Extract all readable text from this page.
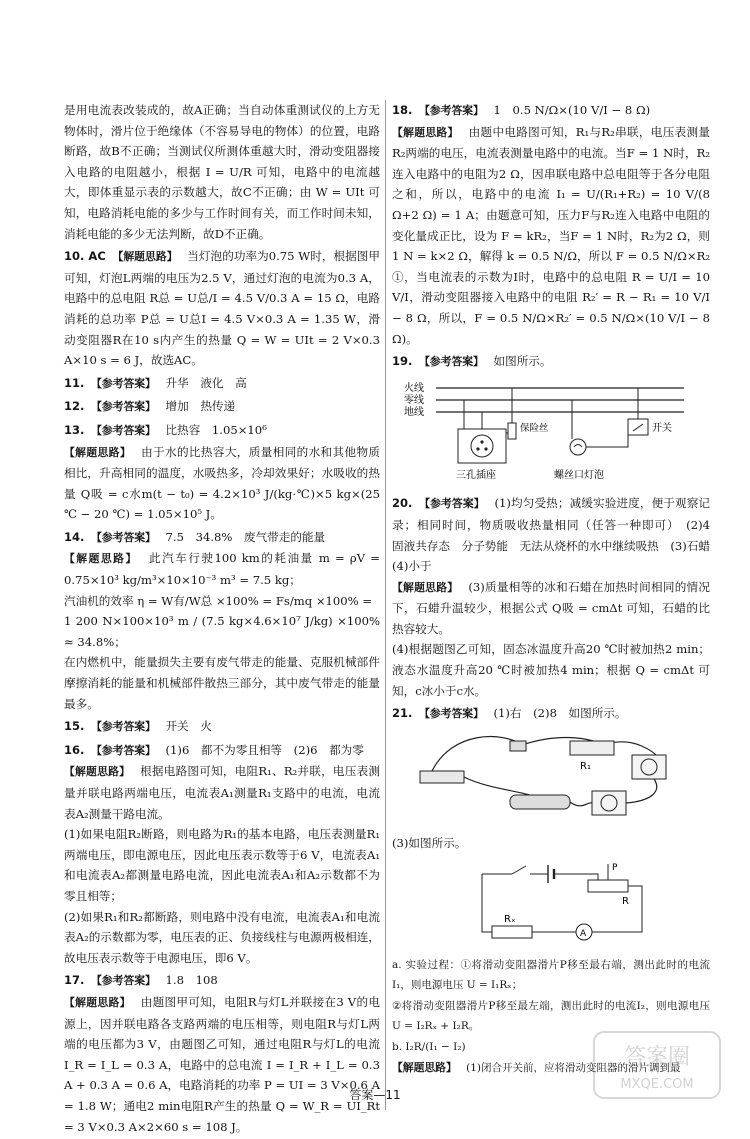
是用电流表改装成的，故A正确；当自动体重测试仪的上方无物体时，滑片位于绝缘体（不容易导电的物体）的位置，电路断路，故B不正确；当测试仪所测体重越大时，滑动变阻器接入电路的电阻越小，根据 I = U/R 可知，电路中的电流越大，即体重显示表的示数越大，故C不正确；由 W = UIt 可知，电路消耗电能的多少与工作时间有关，而工作时间未知，消耗电能的多少无法判断，故D不正确。

10. AC 【解题思路】 当灯泡的功率为0.75 W时，根据图甲可知，灯泡L两端的电压为2.5 V，通过灯泡的电流为0.3 A，电路中的总电阻 R总 = U总/I = 4.5 V/0.3 A = 15 Ω，电路消耗的总功率 P总 = U总I = 4.5 V×0.3 A = 1.35 W，滑动变阻器R在10 s内产生的热量 Q = W = UIt = 2 V×0.3 A×10 s = 6 J，故选AC。

11. 【参考答案】 升华　液化　高

12. 【参考答案】 增加　热传递

13. 【参考答案】 比热容　1.05×10⁶
【解题思路】 由于水的比热容大，质量相同的水和其他物质相比，升高相同的温度，水吸热多，冷却效果好；水吸收的热量 Q吸 = c水m(t − t₀) = 4.2×10³ J/(kg·℃)×5 kg×(25 ℃ − 20 ℃) = 1.05×10⁵ J。

14. 【参考答案】 7.5　34.8%　废气带走的能量
【解题思路】 此汽车行驶100 km的耗油量 m = ρV = 0.75×10³ kg/m³×10×10⁻³ m³ = 7.5 kg；
汽油机的效率 η = W有/W总 ×100% = Fs/mq ×100% =
1 200 N×100×10³ m / (7.5 kg×4.6×10⁷ J/kg) ×100% ≈ 34.8%；
在内燃机中，能量损失主要有废气带走的能量、克服机械部件摩擦消耗的能量和机械部件散热三部分，其中废气带走的能量最多。

15. 【参考答案】 开关　火

16. 【参考答案】 (1)6　都不为零且相等　(2)6　都为零
【解题思路】 根据电路图可知，电阻R₁、R₂并联，电压表测量并联电路两端电压，电流表A₁测量R₁支路中的电流，电流表A₂测量干路电流。
(1)如果电阻R₂断路，则电路为R₁的基本电路，电压表测量R₁两端电压，即电源电压，因此电压表示数等于6 V，电流表A₁和电流表A₂都测量电路电流，因此电流表A₁和A₂示数都不为零且相等；
(2)如果R₁和R₂都断路，则电路中没有电流，电流表A₁和电流表A₂的示数都为零，电压表的正、负接线柱与电源两极相连，故电压表示数等于电源电压，即6 V。

17. 【参考答案】 1.8　108
【解题思路】 由题图甲可知，电阻R与灯L并联接在3 V的电源上，因并联电路各支路两端的电压相等，则电阻R与灯L两端的电压都为3 V，由题图乙可知，通过电阻R与灯L的电流 I_R = I_L = 0.3 A，电路中的总电流 I = I_R + I_L = 0.3 A + 0.3 A = 0.6 A，电路消耗的功率 P = UI = 3 V×0.6 A = 1.8 W；通电2 min电阻R产生的热量 Q = W_R = UI_Rt = 3 V×0.3 A×2×60 s = 108 J。

18. 【参考答案】 1　0.5 N/Ω×(10 V/I − 8 Ω)
【解题思路】 由题中电路图可知，R₁与R₂串联，电压表测量R₂两端的电压，电流表测量电路中的电流。当F = 1 N时，R₂连入电路中的电阻为2 Ω，因串联电路中总电阻等于各分电阻之和，所以，电路中的电流 I₁ = U/(R₁+R₂) = 10 V/(8 Ω+2 Ω) = 1 A；由题意可知，压力F与R₂连入电路中电阻的变化量成正比，设为 F = kR₂，当F = 1 N时，R₂为2 Ω，则1 N = k×2 Ω，解得 k = 0.5 N/Ω，所以 F = 0.5 N/Ω×R₂　①，当电流表的示数为I时，电路中的总电阻 R = U/I = 10 V/I，滑动变阻器接入电路中的电阻 R₂′ = R − R₁ = 10 V/I − 8 Ω，所以，F = 0.5 N/Ω×R₂′ = 0.5 N/Ω×(10 V/I − 8 Ω)。

19. 【参考答案】 如图所示。

火线
零线
地线
三孔插座
保险丝	开关
螺丝口灯泡

20. 【参考答案】 (1)均匀受热；减缓实验进度，便于观察记录；相同时间，物质吸收热量相同（任答一种即可）　(2)4　固液共存态　分子势能　无法从烧杯的水中继续吸热　(3)石蜡　(4)小于
【解题思路】 (3)质量相等的冰和石蜡在加热时间相同的情况下，石蜡升温较少，根据公式 Q吸 = cmΔt 可知，石蜡的比热容较大。
(4)根据题图乙可知，固态冰温度升高20 ℃时被加热2 min；液态水温度升高20 ℃时被加热4 min；根据 Q = cmΔt 可知，c冰小于c水。

21. 【参考答案】 (1)右　(2)8　如图所示。

R₁

(3)如图所示。

R
A
Rₓ
P

a. 实验过程：①将滑动变阻器滑片P移至最右端，测出此时的电流I₁，则电源电压 U = I₁Rₓ；
②将滑动变阻器滑片P移至最左端，测出此时的电流I₂，则电源电压 U = I₂Rₓ + I₂R。
b. I₂R/(I₁ − I₂)
【解题思路】 (1)闭合开关前，应将滑动变阻器的滑片调到最

答案—11
答案圈
MXQE.COM
